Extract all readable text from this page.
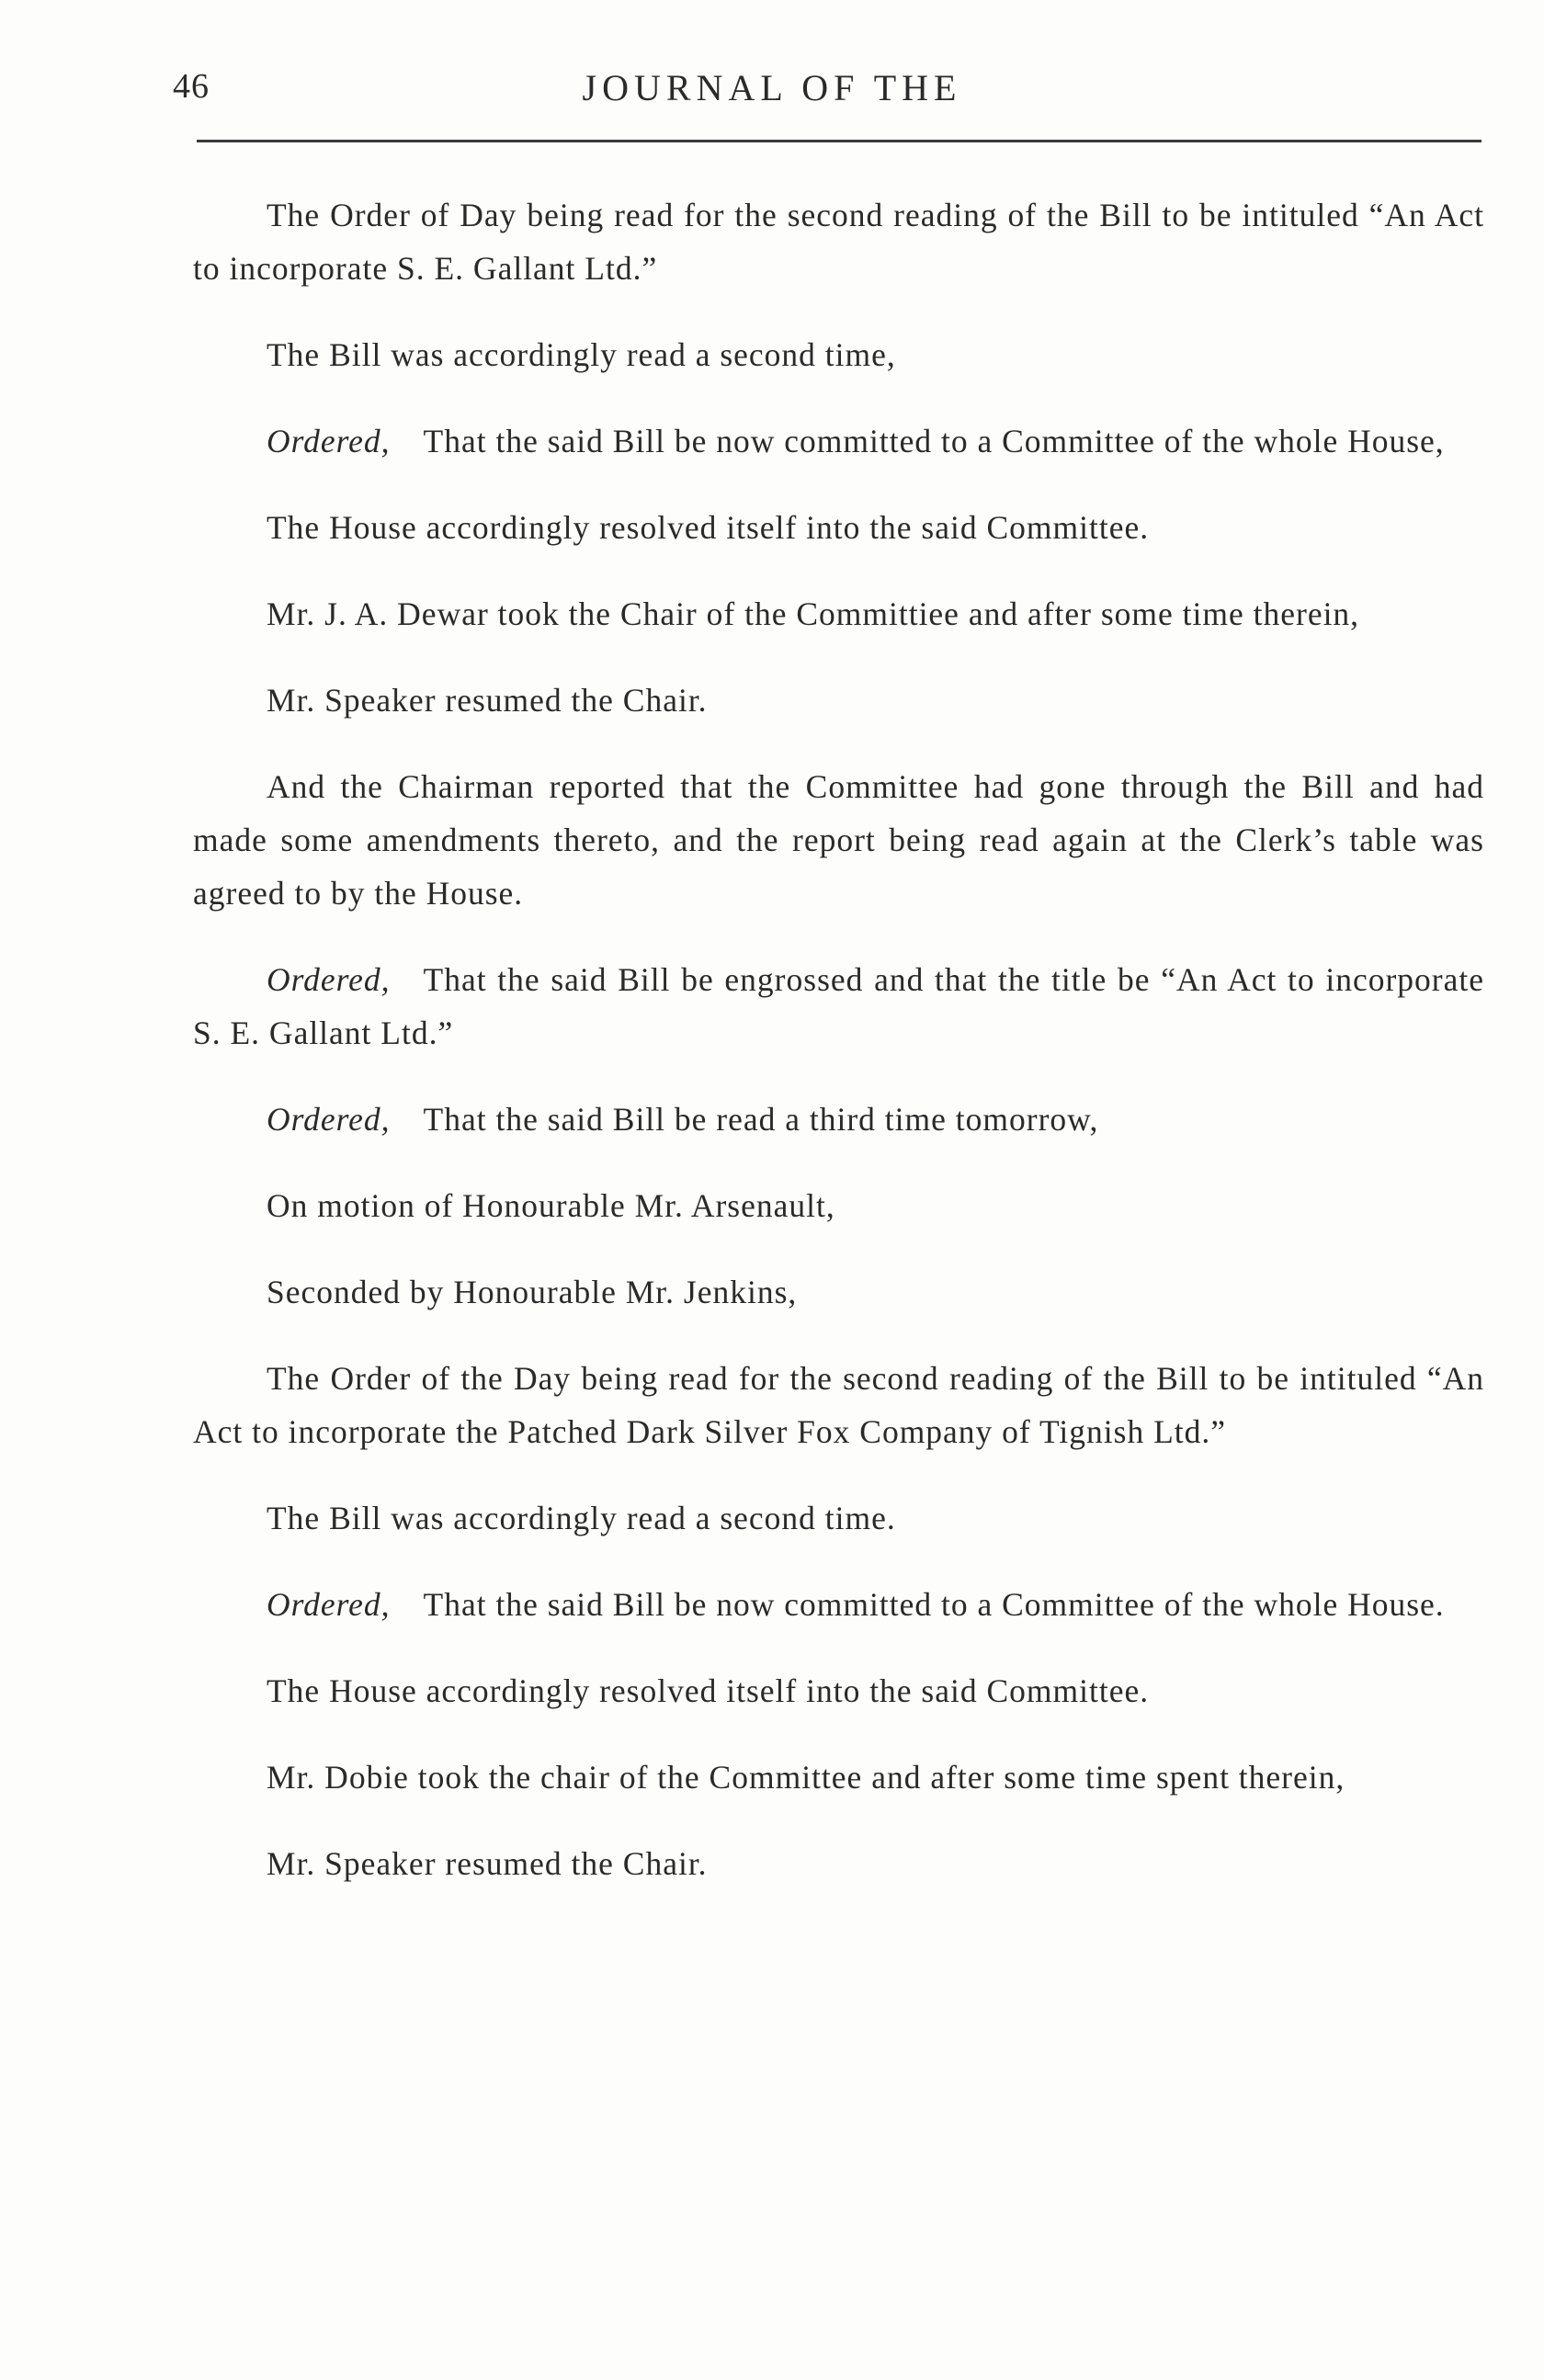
46	JOURNAL OF THE

The Order of Day being read for the second reading of the Bill to be intituled “An Act to incorporate S. E. Gallant Ltd.”

The Bill was accordingly read a second time,

Ordered, That the said Bill be now committed to a Committee of the whole House,

The House accordingly resolved itself into the said Committee.

Mr. J. A. Dewar took the Chair of the Committiee and after some time therein,

Mr. Speaker resumed the Chair.

And the Chairman reported that the Committee had gone through the Bill and had made some amendments thereto, and the report being read again at the Clerk’s table was agreed to by the House.

Ordered, That the said Bill be engrossed and that the title be “An Act to incorporate S. E. Gallant Ltd.”

Ordered, That the said Bill be read a third time tomorrow,

On motion of Honourable Mr. Arsenault,

Seconded by Honourable Mr. Jenkins,

The Order of the Day being read for the second reading of the Bill to be intituled “An Act to incorporate the Patched Dark Silver Fox Company of Tignish Ltd.”

The Bill was accordingly read a second time.

Ordered, That the said Bill be now committed to a Committee of the whole House.

The House accordingly resolved itself into the said Committee.

Mr. Dobie took the chair of the Committee and after some time spent therein,

Mr. Speaker resumed the Chair.
